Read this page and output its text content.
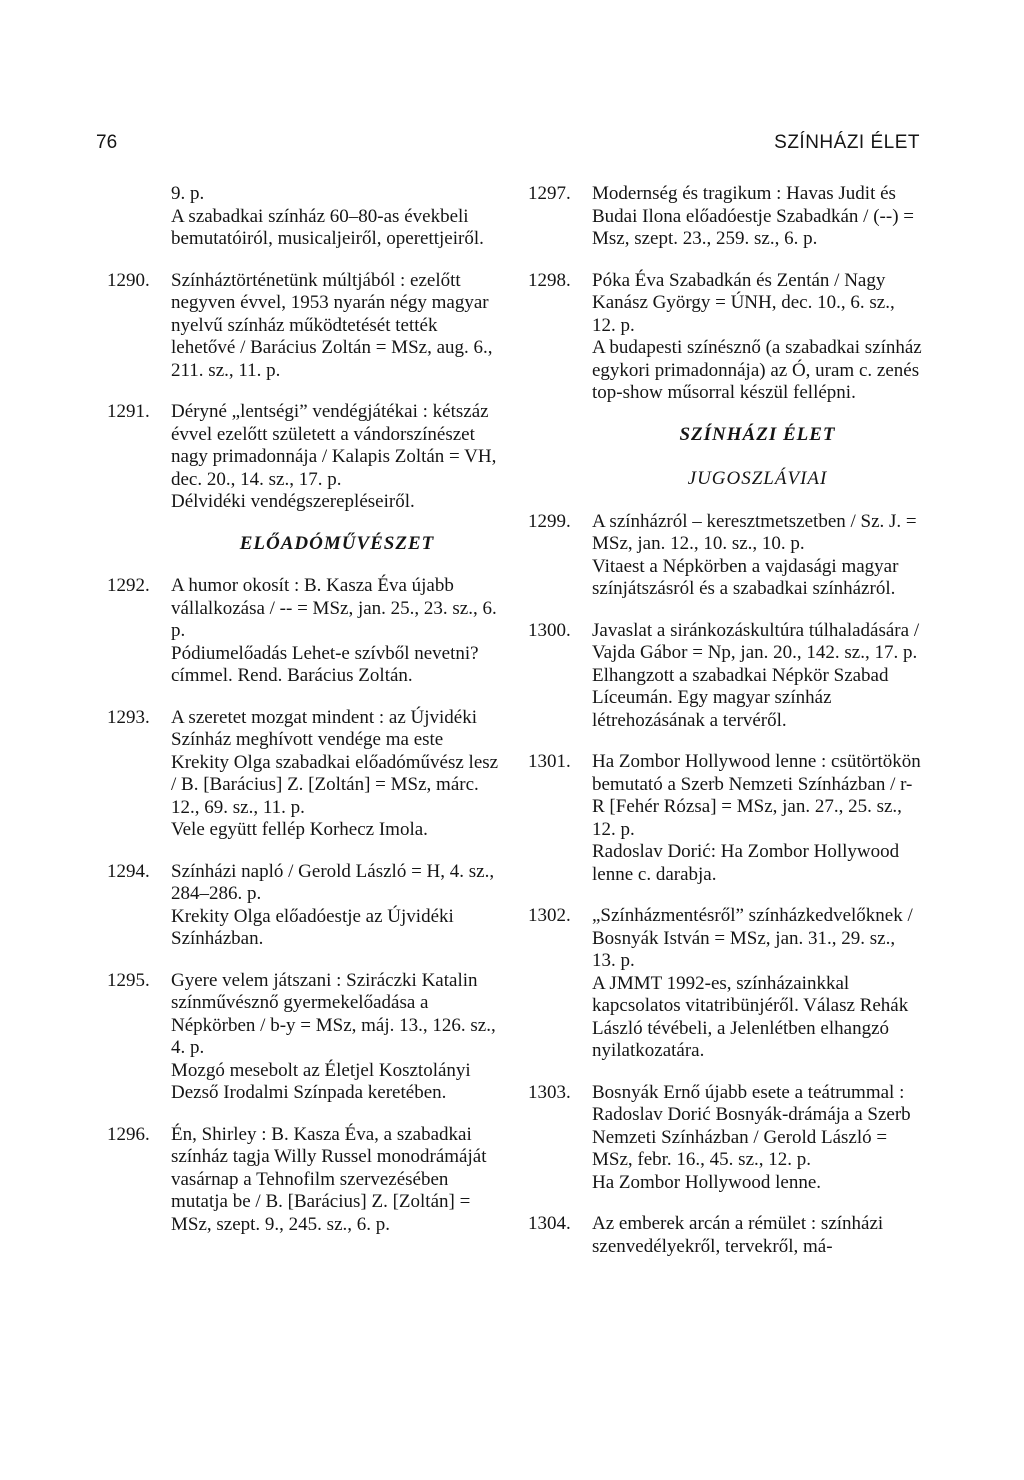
76	SZÍNHÁZI ÉLET

9. p.

A szabadkai színház 60–80-as évekbeli bemutatóiról, musicaljeiről, operettjeiről.

1290.	Színháztörténetünk múltjából : ezelőtt negyven évvel, 1953 nyarán négy magyar nyelvű színház működtetését tették lehetővé / Barácius Zoltán = MSz, aug. 6., 211. sz., 11. p.

1291.	Déryné „lentségi” vendégjátékai : kétszáz évvel ezelőtt született a vándorszínészet nagy primadonnája / Kalapis Zoltán = VH, dec. 20., 14. sz., 17. p.

Délvidéki vendégszerepléseiről.

ELŐADÓMŰVÉSZET
1292.	A humor okosít : B. Kasza Éva újabb vállalkozása / -- = MSz, jan. 25., 23. sz., 6. p.

Pódiumelőadás Lehet-e szívből nevetni? címmel. Rend. Barácius Zoltán.

1293.	A szeretet mozgat mindent : az Újvidéki Színház meghívott vendége ma este Krekity Olga szabadkai előadóművész lesz / B. [Barácius] Z. [Zoltán] = MSz, márc. 12., 69. sz., 11. p.

Vele együtt fellép Korhecz Imola.

1294.	Színházi napló / Gerold László = H, 4. sz., 284–286. p.

Krekity Olga előadóestje az Újvidéki Színházban.

1295.	Gyere velem játszani : Sziráczki Katalin színművésznő gyermekelőadása a Népkörben / b-y = MSz, máj. 13., 126. sz., 4. p.

Mozgó mesebolt az Életjel Kosztolányi Dezső Irodalmi Színpada keretében.

1296.	Én, Shirley : B. Kasza Éva, a szabadkai színház tagja Willy Russel monodrámáját vasárnap a Tehnofilm szervezésében mutatja be / B. [Barácius] Z. [Zoltán] = MSz, szept. 9., 245. sz., 6. p.

1297.	Modernség és tragikum : Havas Judit és Budai Ilona előadóestje Szabadkán / (--) = Msz, szept. 23., 259. sz., 6. p.

1298.	Póka Éva Szabadkán és Zentán / Nagy Kanász György = ÚNH, dec. 10., 6. sz., 12. p.

A budapesti színésznő (a szabadkai színház egykori primadonnája) az Ó, uram c. zenés top-show műsorral készül fellépni.

SZÍNHÁZI ÉLET
JUGOSZLÁVIAI
1299.	A színházról – keresztmetszetben / Sz. J. = MSz, jan. 12., 10. sz., 10. p.

Vitaest a Népkörben a vajdasági magyar színjátszásról és a szabadkai színházról.

1300.	Javaslat a siránkozáskultúra túlhaladására / Vajda Gábor = Np, jan. 20., 142. sz., 17. p.

Elhangzott a szabadkai Népkör Szabad Líceumán. Egy magyar színház létrehozásának a tervéről.

1301.	Ha Zombor Hollywood lenne : csütörtökön bemutató a Szerb Nemzeti Színházban / r-R [Fehér Rózsa] = MSz, jan. 27., 25. sz., 12. p.

Radoslav Dorić: Ha Zombor Hollywood lenne c. darabja.

1302.	„Színházmentésről” színházkedvelőknek / Bosnyák István = MSz, jan. 31., 29. sz., 13. p.

A JMMT 1992-es, színházainkkal kapcsolatos vitatribünjéről. Válasz Rehák László tévébeli, a Jelenlétben elhangzó nyilatkozatára.

1303.	Bosnyák Ernő újabb esete a teátrummal : Radoslav Dorić Bosnyák-drámája a Szerb Nemzeti Színházban / Gerold László = MSz, febr. 16., 45. sz., 12. p.

Ha Zombor Hollywood lenne.

1304.	Az emberek arcán a rémület : színházi szenvedélyekről, tervekről, má-
